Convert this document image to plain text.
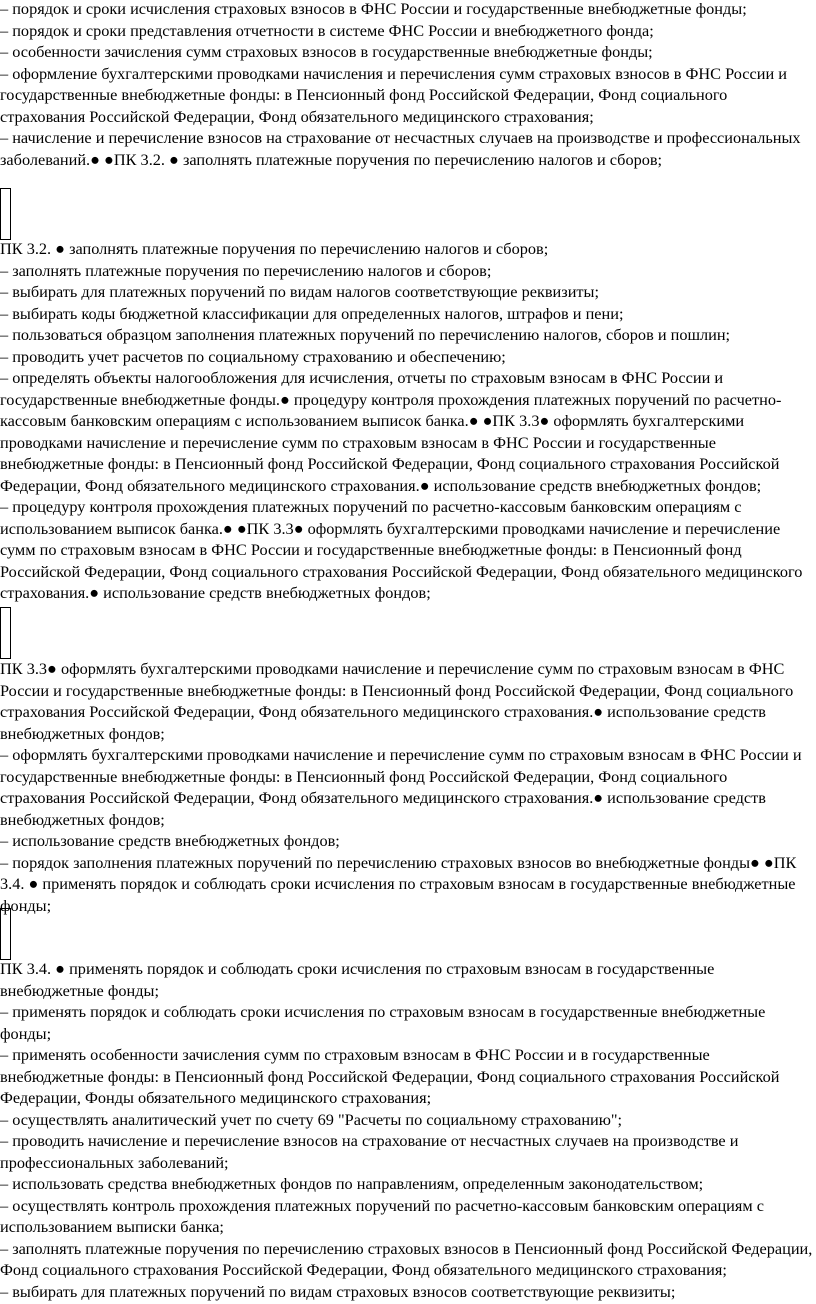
– порядок и сроки исчисления страховых взносов в ФНС России и государственные внебюджетные фонды;

– порядок и сроки представления отчетности в системе ФНС России и внебюджетного фонда;

– особенности зачисления сумм страховых взносов в государственные внебюджетные фонды;

– оформление бухгалтерскими проводками начисления и перечисления сумм страховых взносов в ФНС России и государственные внебюджетные фонды: в Пенсионный фонд Российской Федерации, Фонд социального страхования Российской Федерации, Фонд обязательного медицинского страхования;

– начисление и перечисление взносов на страхование от несчастных случаев на производстве и профессиональных заболеваний.● ●ПК 3.2. ● заполнять платежные поручения по перечислению налогов и сборов;

ПК 3.2. ● заполнять платежные поручения по перечислению налогов и сборов;

– заполнять платежные поручения по перечислению налогов и сборов;

– выбирать для платежных поручений по видам налогов соответствующие реквизиты;

– выбирать коды бюджетной классификации для определенных налогов, штрафов и пени;

– пользоваться образцом заполнения платежных поручений по перечислению налогов, сборов и пошлин;

– проводить учет расчетов по социальному страхованию и обеспечению;

– определять объекты налогообложения для исчисления, отчеты по страховым взносам в ФНС России и государственные внебюджетные фонды.● процедуру контроля прохождения платежных поручений по расчетно-кассовым банковским операциям с использованием выписок банка.● ●ПК 3.3● оформлять бухгалтерскими проводками начисление и перечисление сумм по страховым взносам в ФНС России и государственные внебюджетные фонды: в Пенсионный фонд Российской Федерации, Фонд социального страхования Российской Федерации, Фонд обязательного медицинского страхования.● использование средств внебюджетных фондов;

– процедуру контроля прохождения платежных поручений по расчетно-кассовым банковским операциям с использованием выписок банка.● ●ПК 3.3● оформлять бухгалтерскими проводками начисление и перечисление сумм по страховым взносам в ФНС России и государственные внебюджетные фонды: в Пенсионный фонд Российской Федерации, Фонд социального страхования Российской Федерации, Фонд обязательного медицинского страхования.● использование средств внебюджетных фондов;

ПК 3.3● оформлять бухгалтерскими проводками начисление и перечисление сумм по страховым взносам в ФНС России и государственные внебюджетные фонды: в Пенсионный фонд Российской Федерации, Фонд социального страхования Российской Федерации, Фонд обязательного медицинского страхования.● использование средств внебюджетных фондов;

– оформлять бухгалтерскими проводками начисление и перечисление сумм по страховым взносам в ФНС России и государственные внебюджетные фонды: в Пенсионный фонд Российской Федерации, Фонд социального страхования Российской Федерации, Фонд обязательного медицинского страхования.● использование средств внебюджетных фондов;

– использование средств внебюджетных фондов;

– порядок заполнения платежных поручений по перечислению страховых взносов во внебюджетные фонды● ●ПК 3.4. ● применять порядок и соблюдать сроки исчисления по страховым взносам в государственные внебюджетные фонды;

ПК 3.4. ● применять порядок и соблюдать сроки исчисления по страховым взносам в государственные внебюджетные фонды;

– применять порядок и соблюдать сроки исчисления по страховым взносам в государственные внебюджетные фонды;

– применять особенности зачисления сумм по страховым взносам в ФНС России и в государственные внебюджетные фонды: в Пенсионный фонд Российской Федерации, Фонд социального страхования Российской Федерации, Фонды обязательного медицинского страхования;

– осуществлять аналитический учет по счету 69 "Расчеты по социальному страхованию";

– проводить начисление и перечисление взносов на страхование от несчастных случаев на производстве и профессиональных заболеваний;

– использовать средства внебюджетных фондов по направлениям, определенным законодательством;

– осуществлять контроль прохождения платежных поручений по расчетно-кассовым банковским операциям с использованием выписки банка;

– заполнять платежные поручения по перечислению страховых взносов в Пенсионный фонд Российской Федерации, Фонд социального страхования Российской Федерации, Фонд обязательного медицинского страхования;

– выбирать для платежных поручений по видам страховых взносов соответствующие реквизиты;
